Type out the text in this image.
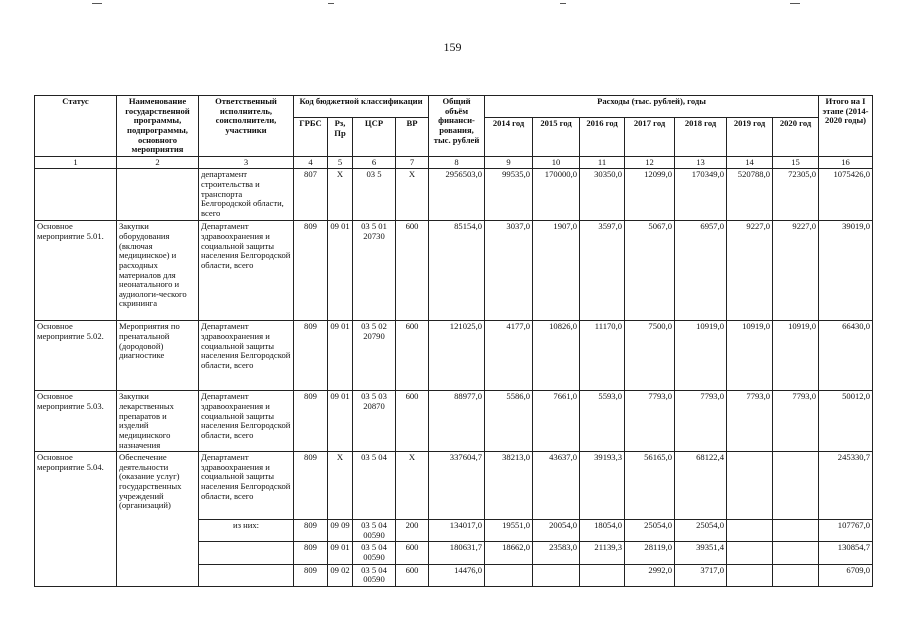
159
Статус	Наименование государственной программы, подпрограммы, основного мероприятия	Ответственный исполнитель, соисполнители, участники	Код бюджетной классификации				Общий объём финанси-рования, тыс. рублей	Расходы (тыс. рублей), годы							Итого на I этапе (2014-2020 годы)
			ГРБС	Рз, Пр	ЦСР	ВР		2014 год	2015 год	2016 год	2017 год	2018 год	2019 год	2020 год	
1	2	3	4	5	6	7	8	9	10	11	12	13	14	15	16
		департамент строительства и транспорта Белгородской области, всего	807	Х	03 5	Х	2956503,0	99535,0	170000,0	30350,0	12099,0	170349,0	520788,0	72305,0	1075426,0
Основное мероприятие 5.01.	Закупки оборудования (включая медицинское) и расходных материалов для неонатального и аудиологи-ческого скрининга	Департамент здравоохранения и социальной защиты населения Белгородской области, всего	809	09 01	03 5 01 20730	600	85154,0	3037,0	1907,0	3597,0	5067,0	6957,0	9227,0	9227,0	39019,0
Основное мероприятие 5.02.	Мероприятия по пренатальной (дородовой) диагностике	Департамент здравоохранения и социальной защиты населения Белгородской области, всего	809	09 01	03 5 02 20790	600	121025,0	4177,0	10826,0	11170,0	7500,0	10919,0	10919,0	10919,0	66430,0
Основное мероприятие 5.03.	Закупки лекарственных препаратов и изделий медицинского назначения	Департамент здравоохранения и социальной защиты населения Белгородской области, всего	809	09 01	03 5 03 20870	600	88977,0	5586,0	7661,0	5593,0	7793,0	7793,0	7793,0	7793,0	50012,0
Основное мероприятие 5.04.	Обеспечение деятельности (оказание услуг) государственных учреждений (организаций)	Департамент здравоохранения и социальной защиты населения Белгородской области, всего	809	Х	03 5 04	Х	337604,7	38213,0	43637,0	39193,3	56165,0	68122,4			245330,7
		из них:	809	09 09	03 5 04 00590	200	134017,0	19551,0	20054,0	18054,0	25054,0	25054,0			107767,0
			809	09 01	03 5 04 00590	600	180631,7	18662,0	23583,0	21139,3	28119,0	39351,4			130854,7
			809	09 02	03 5 04 00590	600	14476,0				2992,0	3717,0			6709,0
